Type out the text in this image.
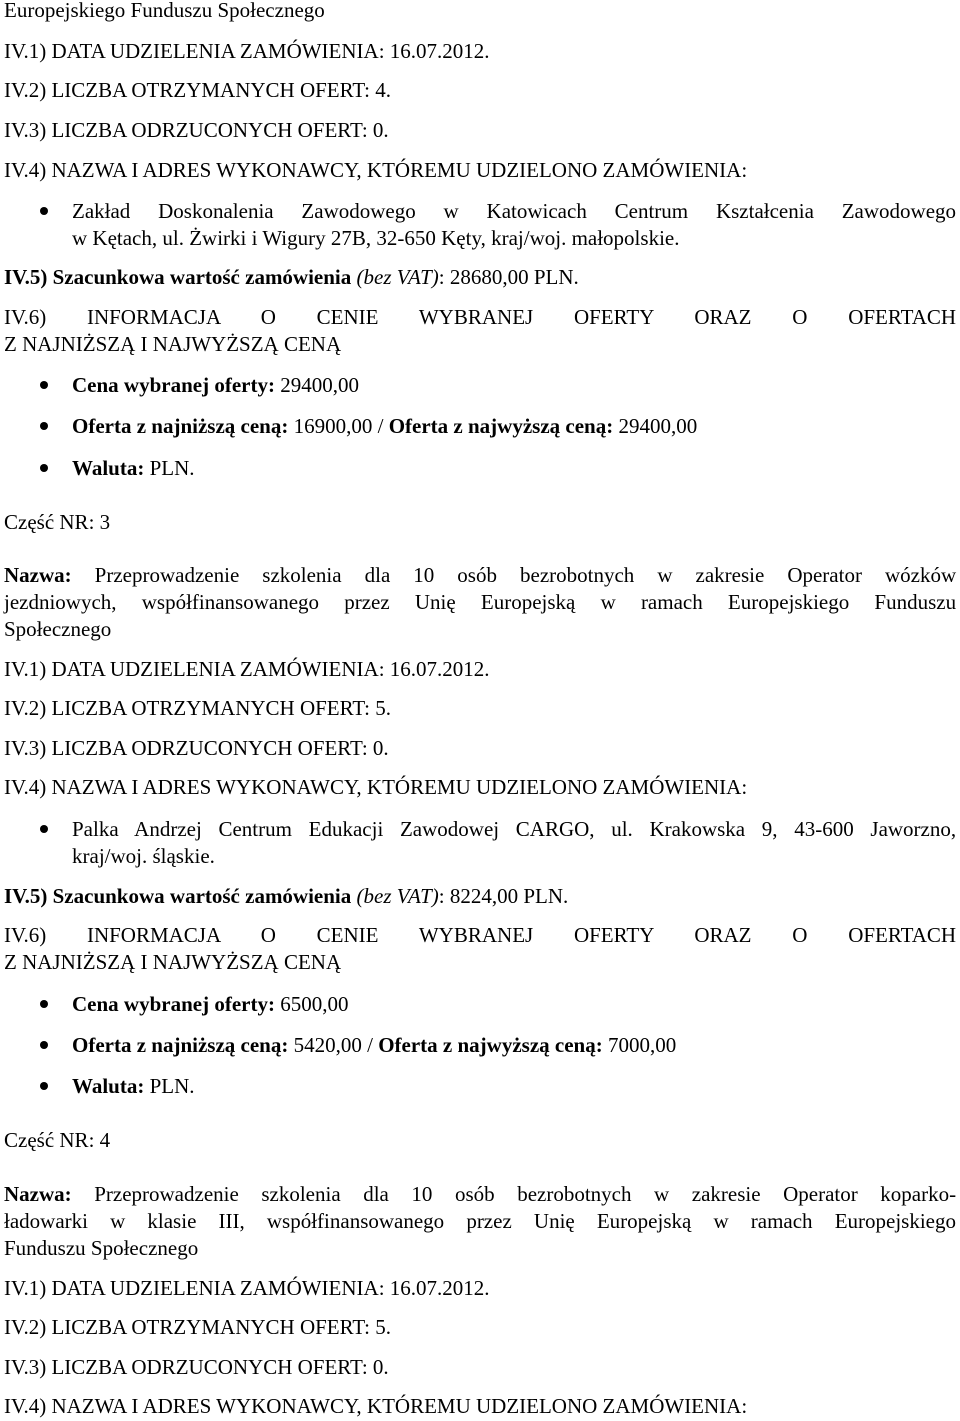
Europejskiego Funduszu Społecznego
IV.1) DATA UDZIELENIA ZAMÓWIENIA: 16.07.2012.
IV.2) LICZBA OTRZYMANYCH OFERT: 4.
IV.3) LICZBA ODRZUCONYCH OFERT: 0.
IV.4) NAZWA I ADRES WYKONAWCY, KTÓREMU UDZIELONO ZAMÓWIENIA:
Zakład Doskonalenia Zawodowego w Katowicach Centrum Kształcenia Zawodowego
w Kętach, ul. Żwirki i Wigury 27B, 32-650 Kęty, kraj/woj. małopolskie.
IV.5) Szacunkowa wartość zamówienia (bez VAT): 28680,00 PLN.
IV.6) INFORMACJA O CENIE WYBRANEJ OFERTY ORAZ O OFERTACH
Z NAJNIŻSZĄ I NAJWYŻSZĄ CENĄ
Cena wybranej oferty: 29400,00
Oferta z najniższą ceną: 16900,00 / Oferta z najwyższą ceną: 29400,00
Waluta: PLN.
Część NR: 3
Nazwa: Przeprowadzenie szkolenia dla 10 osób bezrobotnych w zakresie Operator wózków
jezdniowych, współfinansowanego przez Unię Europejską w ramach Europejskiego Funduszu
Społecznego
IV.1) DATA UDZIELENIA ZAMÓWIENIA: 16.07.2012.
IV.2) LICZBA OTRZYMANYCH OFERT: 5.
IV.3) LICZBA ODRZUCONYCH OFERT: 0.
IV.4) NAZWA I ADRES WYKONAWCY, KTÓREMU UDZIELONO ZAMÓWIENIA:
Palka Andrzej Centrum Edukacji Zawodowej CARGO, ul. Krakowska 9, 43-600 Jaworzno,
kraj/woj. śląskie.
IV.5) Szacunkowa wartość zamówienia (bez VAT): 8224,00 PLN.
IV.6) INFORMACJA O CENIE WYBRANEJ OFERTY ORAZ O OFERTACH
Z NAJNIŻSZĄ I NAJWYŻSZĄ CENĄ
Cena wybranej oferty: 6500,00
Oferta z najniższą ceną: 5420,00 / Oferta z najwyższą ceną: 7000,00
Waluta: PLN.
Część NR: 4
Nazwa: Przeprowadzenie szkolenia dla 10 osób bezrobotnych w zakresie Operator koparko-
ładowarki w klasie III, współfinansowanego przez Unię Europejską w ramach Europejskiego
Funduszu Społecznego
IV.1) DATA UDZIELENIA ZAMÓWIENIA: 16.07.2012.
IV.2) LICZBA OTRZYMANYCH OFERT: 5.
IV.3) LICZBA ODRZUCONYCH OFERT: 0.
IV.4) NAZWA I ADRES WYKONAWCY, KTÓREMU UDZIELONO ZAMÓWIENIA:
